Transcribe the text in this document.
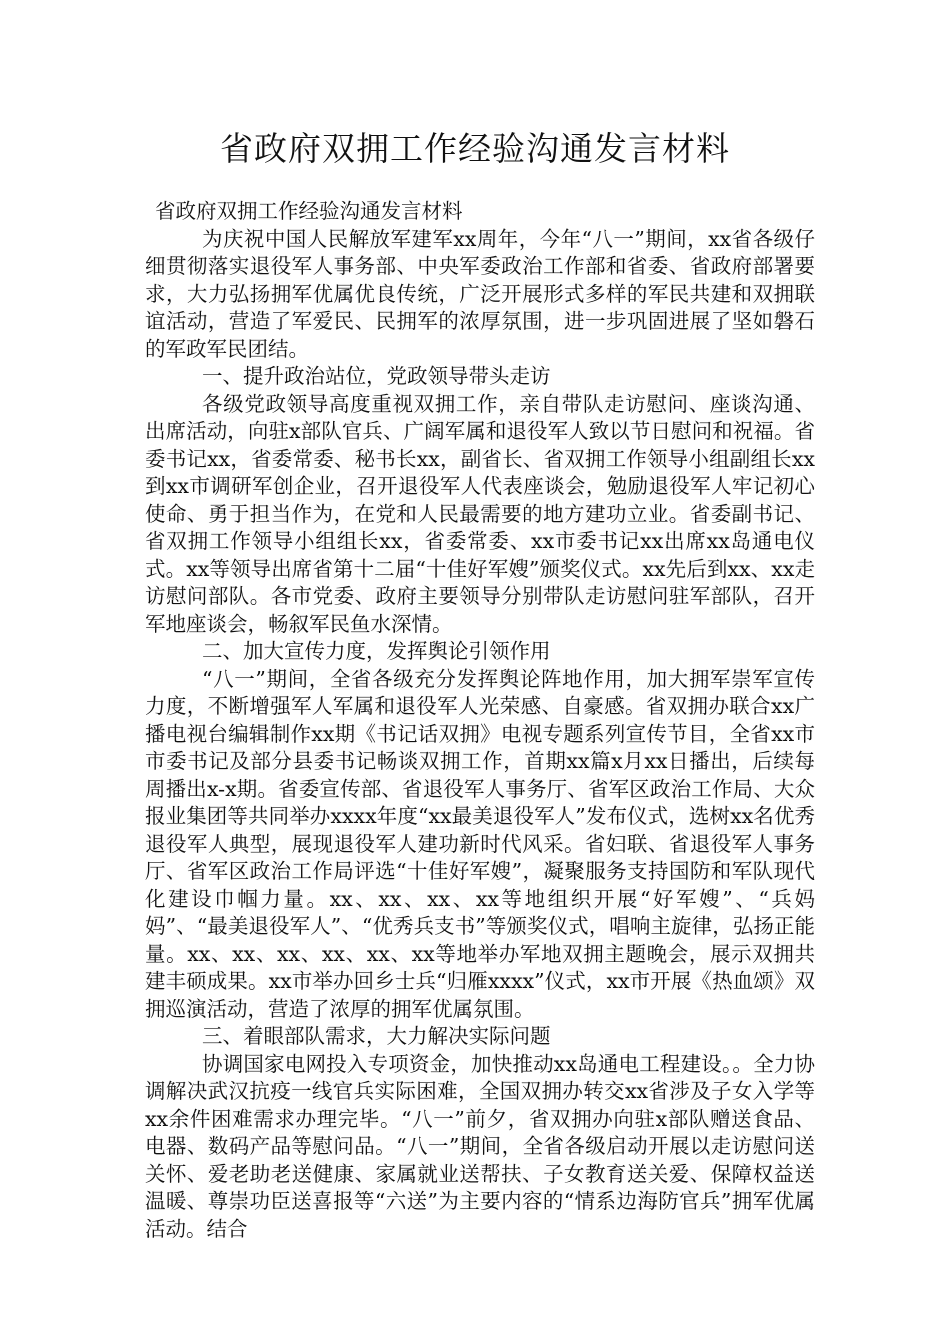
省政府双拥工作经验沟通发言材料

省政府双拥工作经验沟通发言材料

为庆祝中国人民解放军建军xx周年，今年“八一”期间，xx省各级仔细贯彻落实退役军人事务部、中央军委政治工作部和省委、省政府部署要求，大力弘扬拥军优属优良传统，广泛开展形式多样的军民共建和双拥联谊活动，营造了军爱民、民拥军的浓厚氛围，进一步巩固进展了坚如磐石的军政军民团结。

一、提升政治站位，党政领导带头走访

各级党政领导高度重视双拥工作，亲自带队走访慰问、座谈沟通、出席活动，向驻x部队官兵、广阔军属和退役军人致以节日慰问和祝福。省委书记xx，省委常委、秘书长xx，副省长、省双拥工作领导小组副组长xx到xx市调研军创企业，召开退役军人代表座谈会，勉励退役军人牢记初心使命、勇于担当作为，在党和人民最需要的地方建功立业。省委副书记、省双拥工作领导小组组长xx，省委常委、xx市委书记xx出席xx岛通电仪式。xx等领导出席省第十二届“十佳好军嫂”颁奖仪式。xx先后到xx、xx走访慰问部队。各市党委、政府主要领导分别带队走访慰问驻军部队，召开军地座谈会，畅叙军民鱼水深情。

二、加大宣传力度，发挥舆论引领作用

“八一”期间，全省各级充分发挥舆论阵地作用，加大拥军崇军宣传力度，不断增强军人军属和退役军人光荣感、自豪感。省双拥办联合xx广播电视台编辑制作xx期《书记话双拥》电视专题系列宣传节目，全省xx市市委书记及部分县委书记畅谈双拥工作，首期xx篇x月xx日播出，后续每周播出x-x期。省委宣传部、省退役军人事务厅、省军区政治工作局、大众报业集团等共同举办xxxx年度“xx最美退役军人”发布仪式，选树xx名优秀退役军人典型，展现退役军人建功新时代风采。省妇联、省退役军人事务厅、省军区政治工作局评选“十佳好军嫂”，凝聚服务支持国防和军队现代化建设巾帼力量。xx、xx、xx、xx等地组织开展“好军嫂”、“兵妈妈”、“最美退役军人”、“优秀兵支书”等颁奖仪式，唱响主旋律，弘扬正能量。xx、xx、xx、xx、xx、xx等地举办军地双拥主题晚会，展示双拥共建丰硕成果。xx市举办回乡士兵“归雁xxxx”仪式，xx市开展《热血颂》双拥巡演活动，营造了浓厚的拥军优属氛围。

三、着眼部队需求，大力解决实际问题

协调国家电网投入专项资金，加快推动xx岛通电工程建设。。全力协调解决武汉抗疫一线官兵实际困难，全国双拥办转交xx省涉及子女入学等xx余件困难需求办理完毕。“八一”前夕，省双拥办向驻x部队赠送食品、电器、数码产品等慰问品。“八一”期间，全省各级启动开展以走访慰问送关怀、爱老助老送健康、家属就业送帮扶、子女教育送关爱、保障权益送温暖、尊崇功臣送喜报等“六送”为主要内容的“情系边海防官兵”拥军优属活动。结合
